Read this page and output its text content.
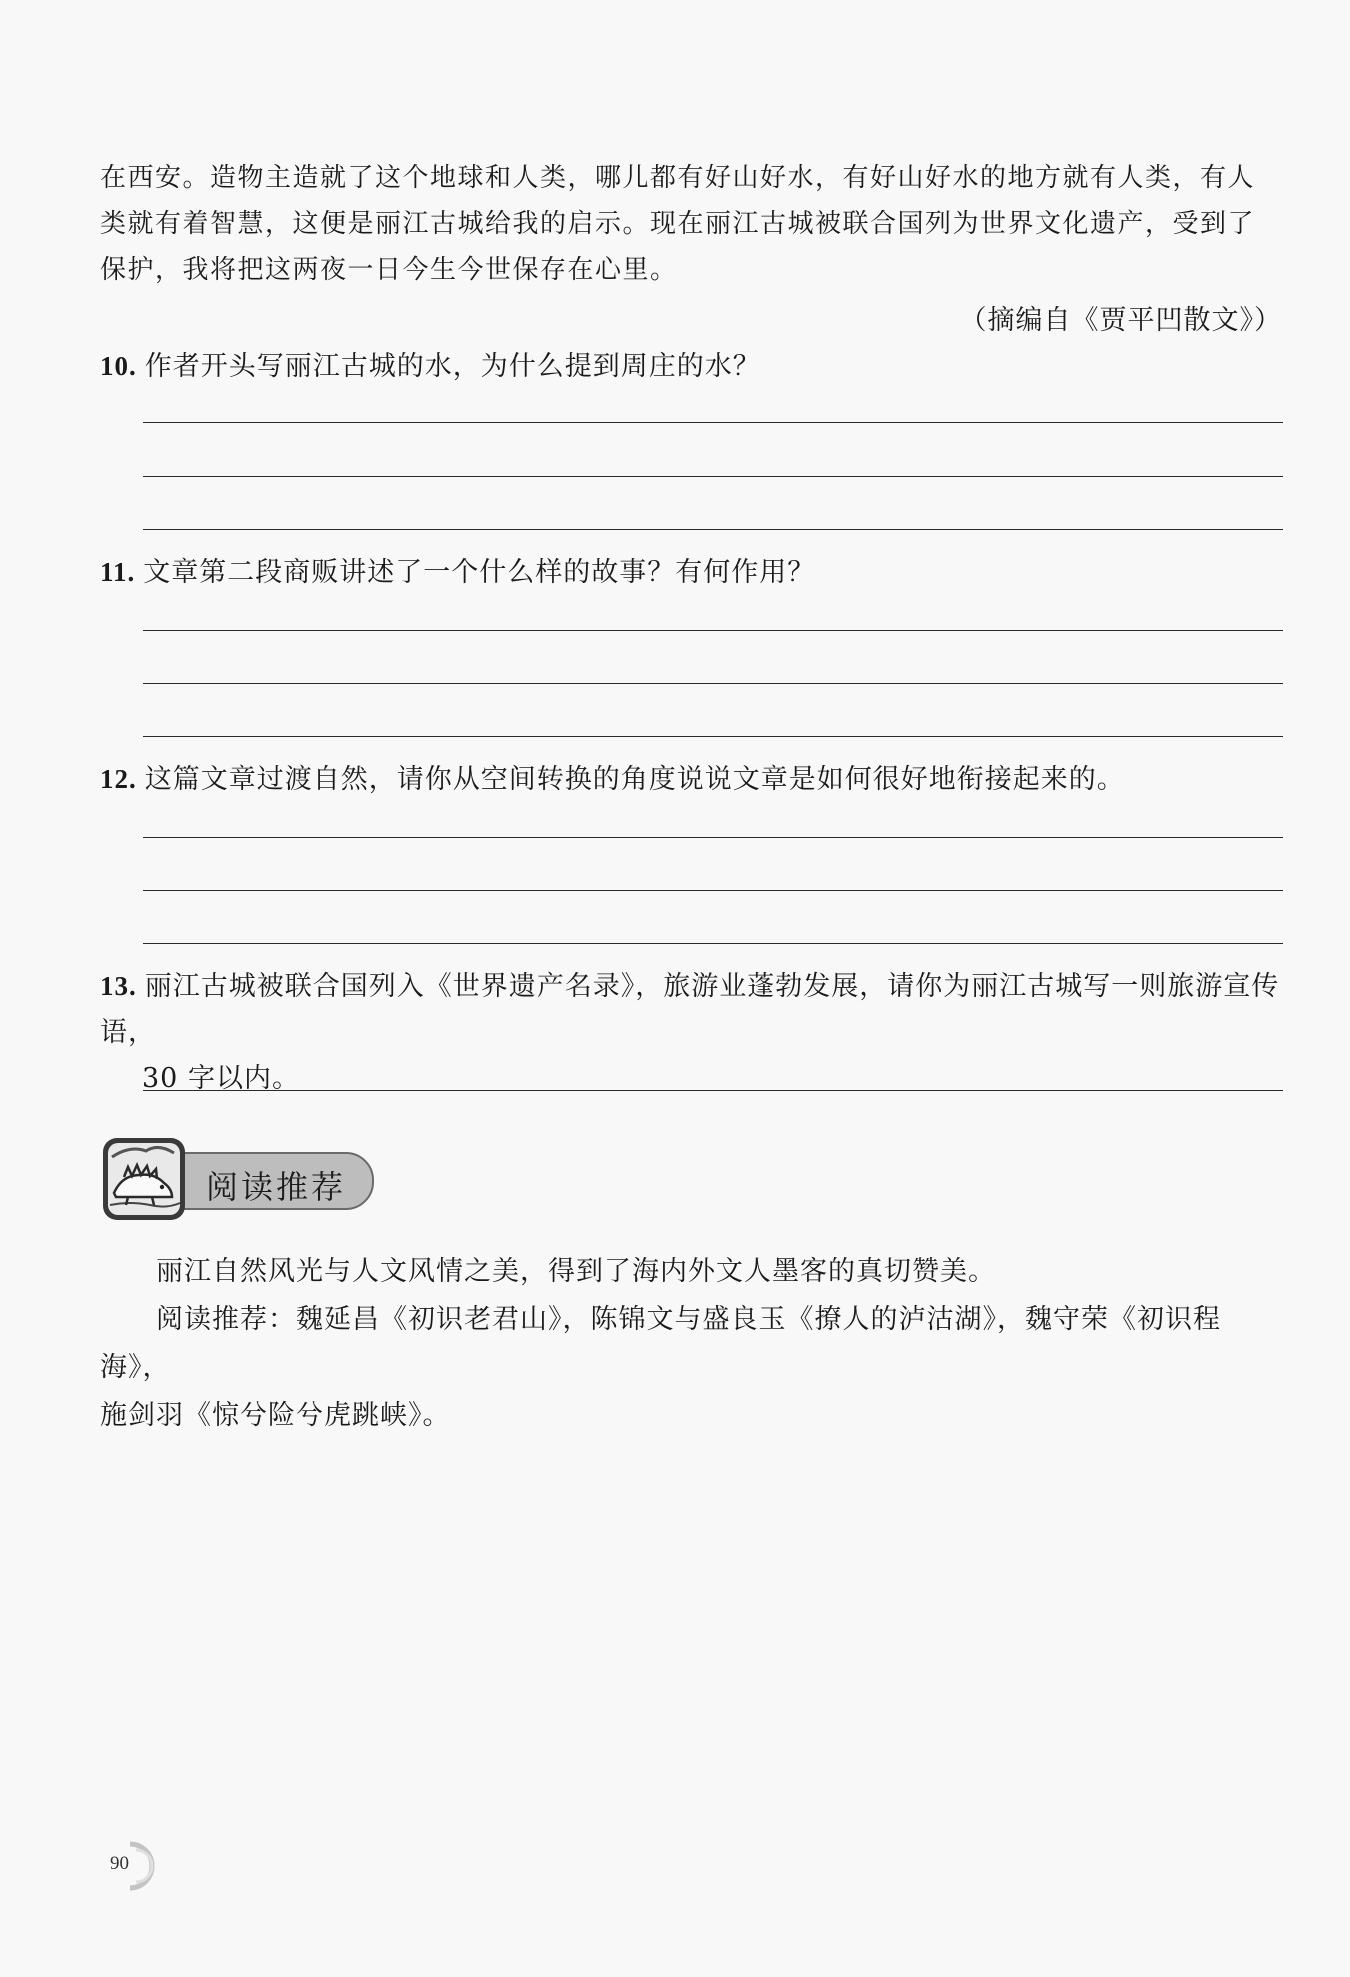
在西安。造物主造就了这个地球和人类，哪儿都有好山好水，有好山好水的地方就有人类，有人

类就有着智慧，这便是丽江古城给我的启示。现在丽江古城被联合国列为世界文化遗产，受到了

保护，我将把这两夜一日今生今世保存在心里。

（摘编自《贾平凹散文》）
10. 作者开头写丽江古城的水，为什么提到周庄的水？
11. 文章第二段商贩讲述了一个什么样的故事？有何作用？
12. 这篇文章过渡自然，请你从空间转换的角度说说文章是如何很好地衔接起来的。
13. 丽江古城被联合国列入《世界遗产名录》，旅游业蓬勃发展，请你为丽江古城写一则旅游宣传语，
30 字以内。
阅读推荐

丽江自然风光与人文风情之美，得到了海内外文人墨客的真切赞美。

阅读推荐：魏延昌《初识老君山》，陈锦文与盛良玉《撩人的泸沽湖》，魏守荣《初识程海》，

施剑羽《惊兮险兮虎跳峡》。

90
